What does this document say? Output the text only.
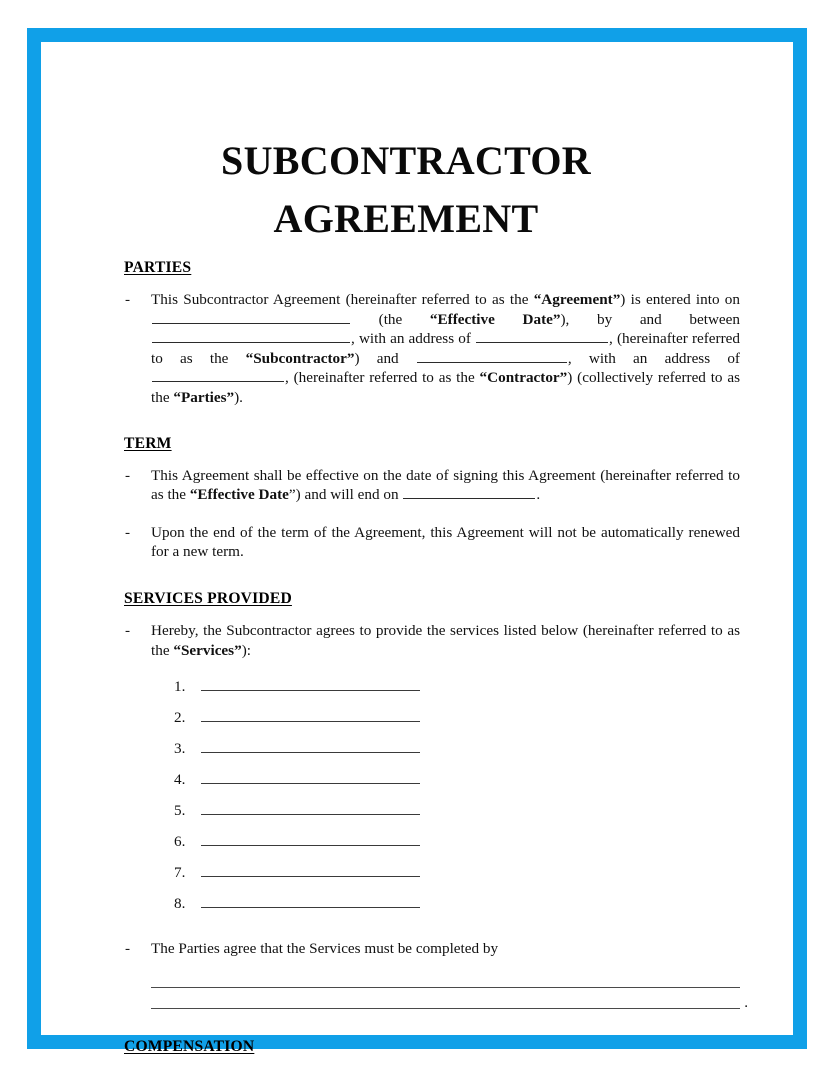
SUBCONTRACTOR
AGREEMENT
PARTIES
-	This Subcontractor Agreement (hereinafter referred to as the “Agreement”) is entered into on  (the “Effective Date”), by and between , with an address of	, (hereinafter referred to as the “Subcontractor”) and	, with an address of , (hereinafter referred to as the “Contractor”) (collectively referred to as the “Parties”).
TERM
-	This Agreement shall be effective on the date of signing this Agreement (hereinafter referred to as the “Effective Date”) and will end on	.
-	Upon the end of the term of the Agreement, this Agreement will not be automatically renewed for a new term.
SERVICES PROVIDED
-	Hereby, the Subcontractor agrees to provide the services listed below (hereinafter referred to as the “Services”):
1.
2.
3.
4.
5.
6.
7.
8.
-	The Parties agree that the Services must be completed by
.
COMPENSATION
